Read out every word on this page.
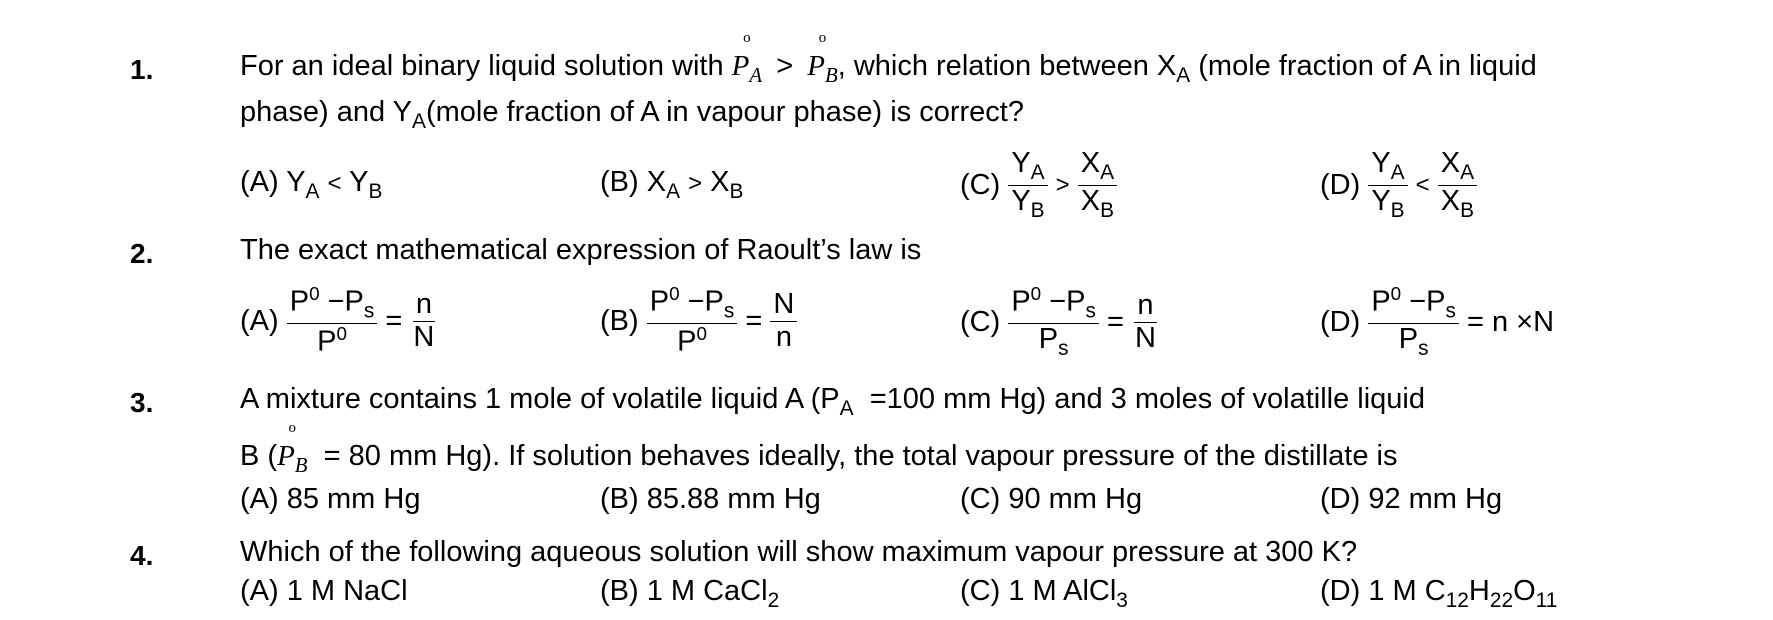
1.	For an ideal binary liquid solution with
o
$P_A$ >
o
$P_B$, which relation between $X_A$ (mole fraction of A in liquid
phase) and $Y_A(mole$ fraction of A in vapour phase) is correct?
(A) $Y_A < Y_B$	(B) $X_A > X_B$	$(C) \frac{Y_A}{Y_B} > \frac{X_A}{X_B}$	$(D) \frac{Y_A}{Y_B} < \frac{X_A}{X_B}$
2.	The exact mathematical expression of Raoult’s law is
$(A) \frac{P^0 -P_s}{P^0} = \frac{n}{N}$	$(B) \frac{P^0 -P_s}{P^0} = \frac{N}{n}$	$(C) \frac{P^0 -P_s}{P_s} = \frac{n}{N}$	$(D) \frac{P^0 -P_s}{P_s} = n \times N$
3.	A mixture contains 1 mole of volatile liquid A ($P_A =100$ mm Hg) and 3 moles of volatille liquid
B (
o
$P_B = 80$ mm Hg). If solution behaves ideally, the total vapour pressure of the distillate is
(A) 85 mm Hg	(B) 85.88 mm Hg	(C) 90 mm Hg	(D) 92 mm Hg
4.	Which of the following aqueous solution will show maximum vapour pressure at 300 K?
(A) 1 M NaCl	(B) 1 M CaCl$_2$	(C) 1 M AlCl$_3$	(D) 1 M $C_{12}H_{22}O_{11}$
